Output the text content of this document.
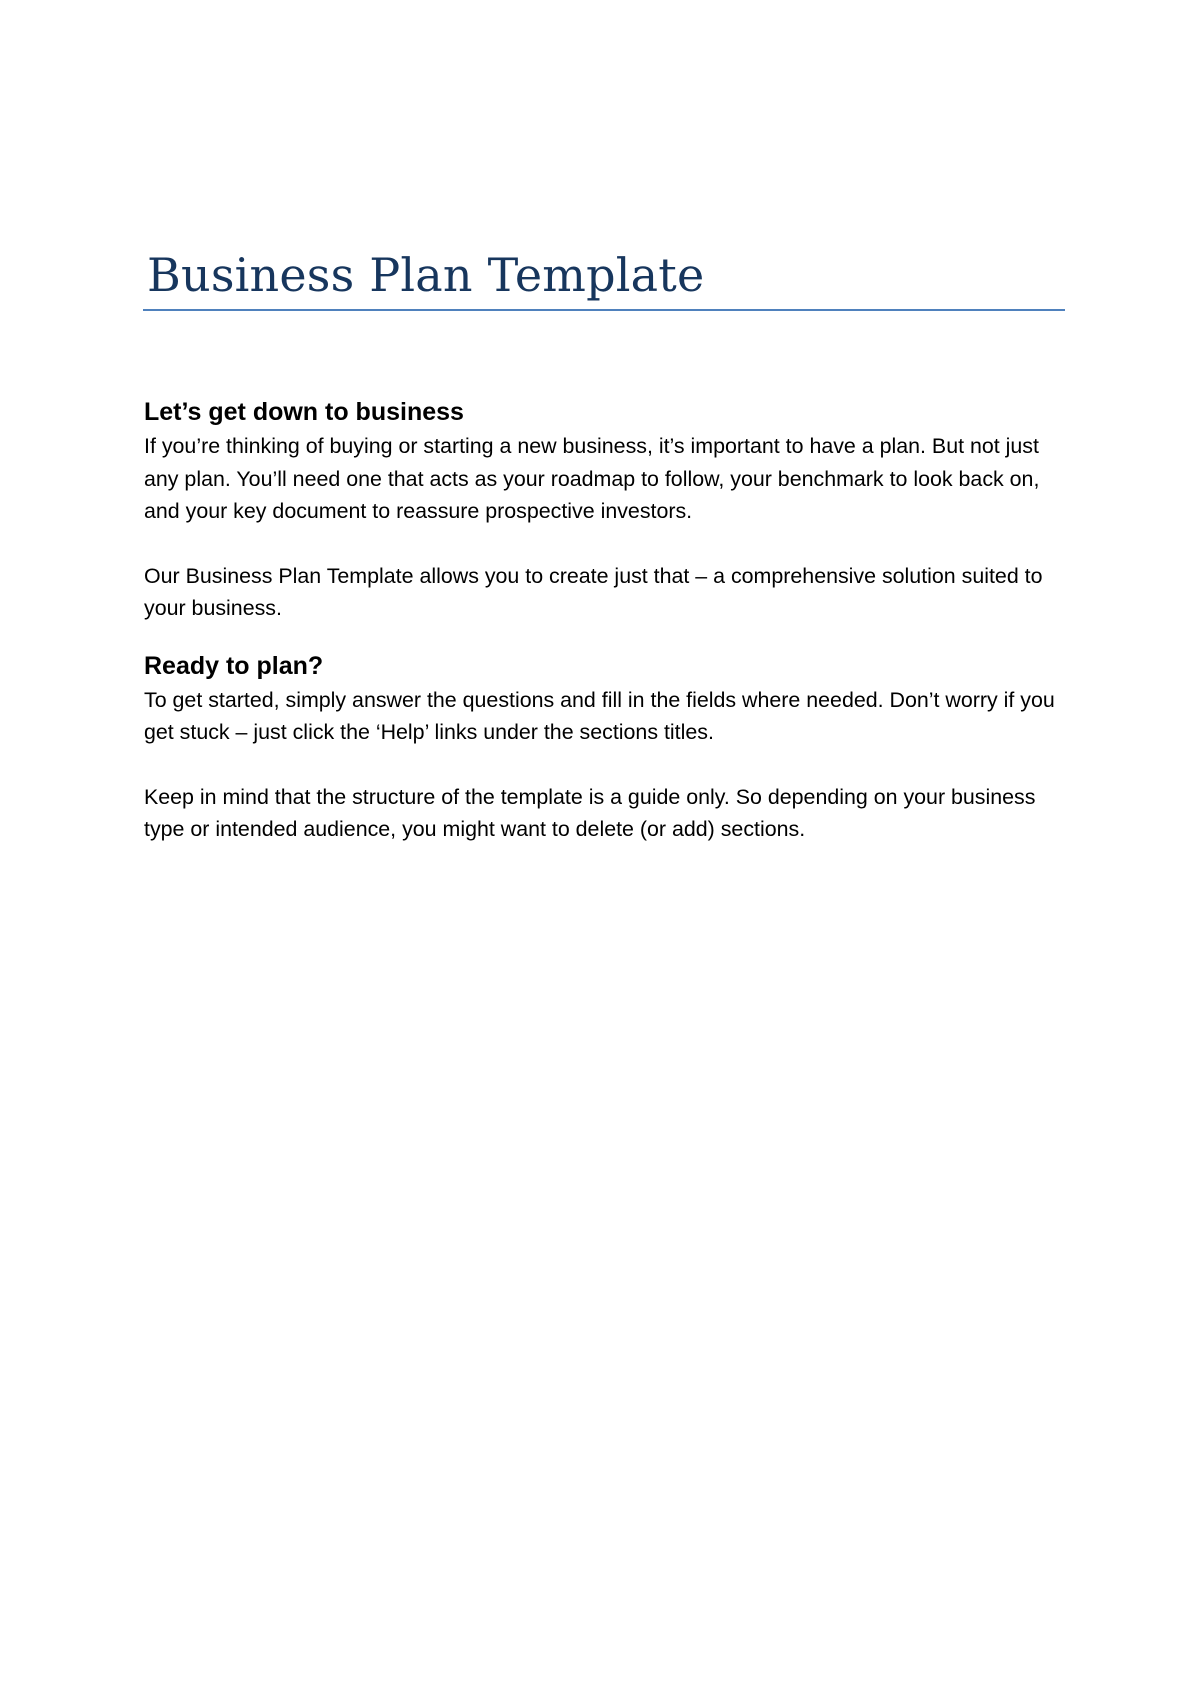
Business Plan Template
Let’s get down to business

If you’re thinking of buying or starting a new business, it’s important to have a plan. But not just any plan. You’ll need one that acts as your roadmap to follow, your benchmark to look back on, and your key document to reassure prospective investors.

Our Business Plan Template allows you to create just that – a comprehensive solution suited to your business.

Ready to plan?

To get started, simply answer the questions and fill in the fields where needed. Don’t worry if you get stuck – just click the ‘Help’ links under the sections titles.

Keep in mind that the structure of the template is a guide only. So depending on your business type or intended audience, you might want to delete (or add) sections.
